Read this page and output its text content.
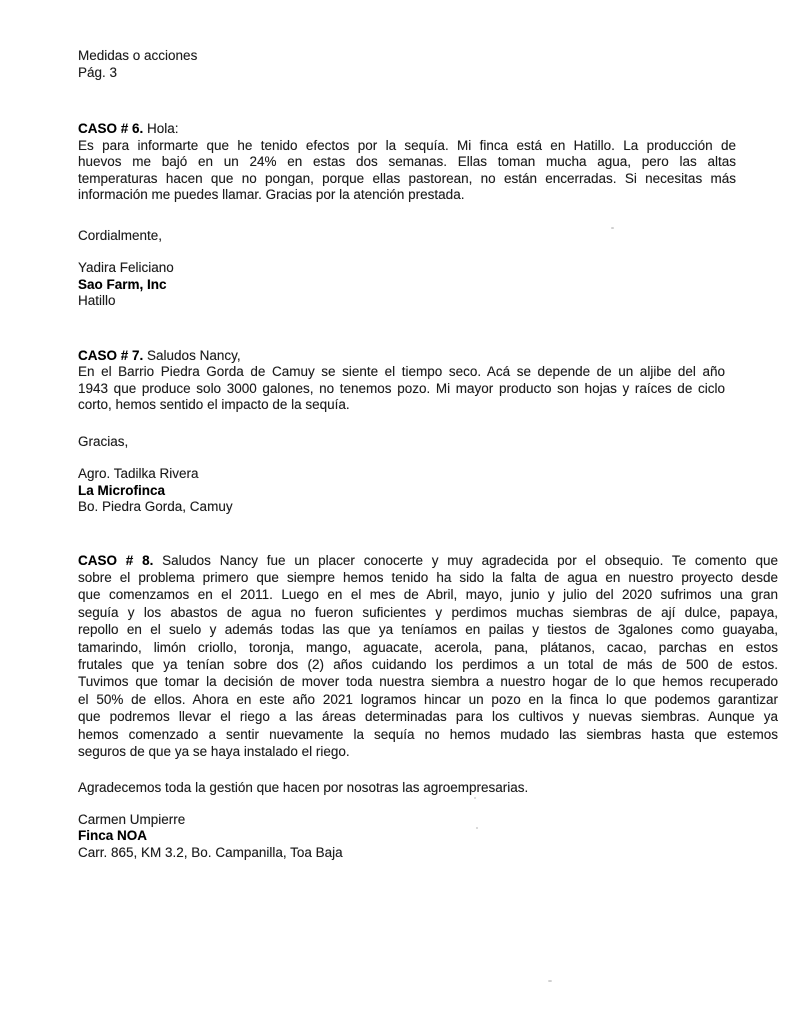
Medidas o acciones
Pág. 3
CASO # 6. Hola:
Es para informarte que he tenido efectos por la sequía. Mi finca está en Hatillo. La producción de
huevos me bajó en un 24% en estas dos semanas. Ellas toman mucha agua, pero las altas
temperaturas hacen que no pongan, porque ellas pastorean, no están encerradas. Si necesitas más
información me puedes llamar. Gracias por la atención prestada.
Cordialmente,
Yadira Feliciano
Sao Farm, Inc
Hatillo
CASO # 7. Saludos Nancy,
En el Barrio Piedra Gorda de Camuy se siente el tiempo seco. Acá se depende de un aljibe del año
1943 que produce solo 3000 galones, no tenemos pozo. Mi mayor producto son hojas y raíces de ciclo
corto, hemos sentido el impacto de la sequía.
Gracias,
Agro. Tadilka Rivera
La Microfinca
Bo. Piedra Gorda, Camuy
CASO # 8. Saludos Nancy fue un placer conocerte y muy agradecida por el obsequio. Te comento que
sobre el problema primero que siempre hemos tenido ha sido la falta de agua en nuestro proyecto desde
que comenzamos en el 2011. Luego en el mes de Abril, mayo, junio y julio del 2020 sufrimos una gran
seguía y los abastos de agua no fueron suficientes y perdimos muchas siembras de ají dulce, papaya,
repollo en el suelo y además todas las que ya teníamos en pailas y tiestos de 3galones como guayaba,
tamarindo, limón criollo, toronja, mango, aguacate, acerola, pana, plátanos, cacao, parchas en estos
frutales que ya tenían sobre dos (2) años cuidando los perdimos a un total de más de 500 de estos.
Tuvimos que tomar la decisión de mover toda nuestra siembra a nuestro hogar de lo que hemos recuperado
el 50% de ellos. Ahora en este año 2021 logramos hincar un pozo en la finca lo que podemos garantizar
que podremos llevar el riego a las áreas determinadas para los cultivos y nuevas siembras. Aunque ya
hemos comenzado a sentir nuevamente la sequía no hemos mudado las siembras hasta que estemos
seguros de que ya se haya instalado el riego.
Agradecemos toda la gestión que hacen por nosotras las agroempresarias.
Carmen Umpierre
Finca NOA
Carr. 865, KM 3.2, Bo. Campanilla, Toa Baja
